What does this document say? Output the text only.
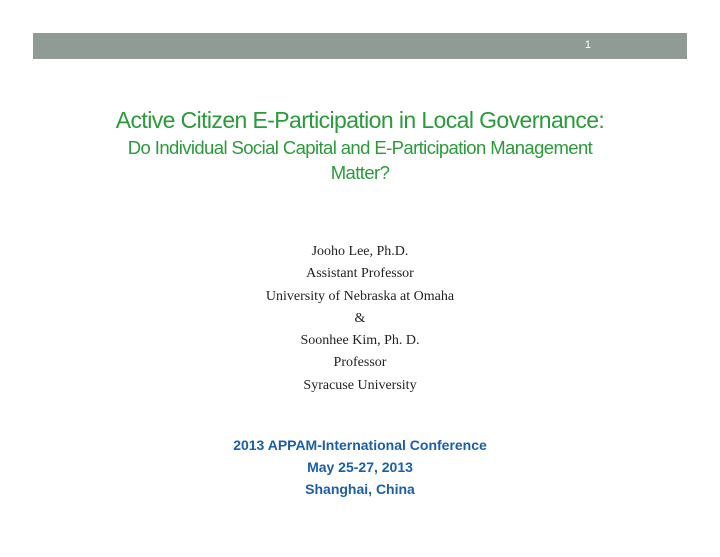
1
Active Citizen E-Participation in Local Governance:
Do Individual Social Capital and E-Participation Management
Matter?
Jooho Lee, Ph.D.
Assistant Professor
University of Nebraska at Omaha
&
Soonhee Kim, Ph. D.
Professor
Syracuse University
2013 APPAM-International Conference
May 25-27, 2013
Shanghai, China
